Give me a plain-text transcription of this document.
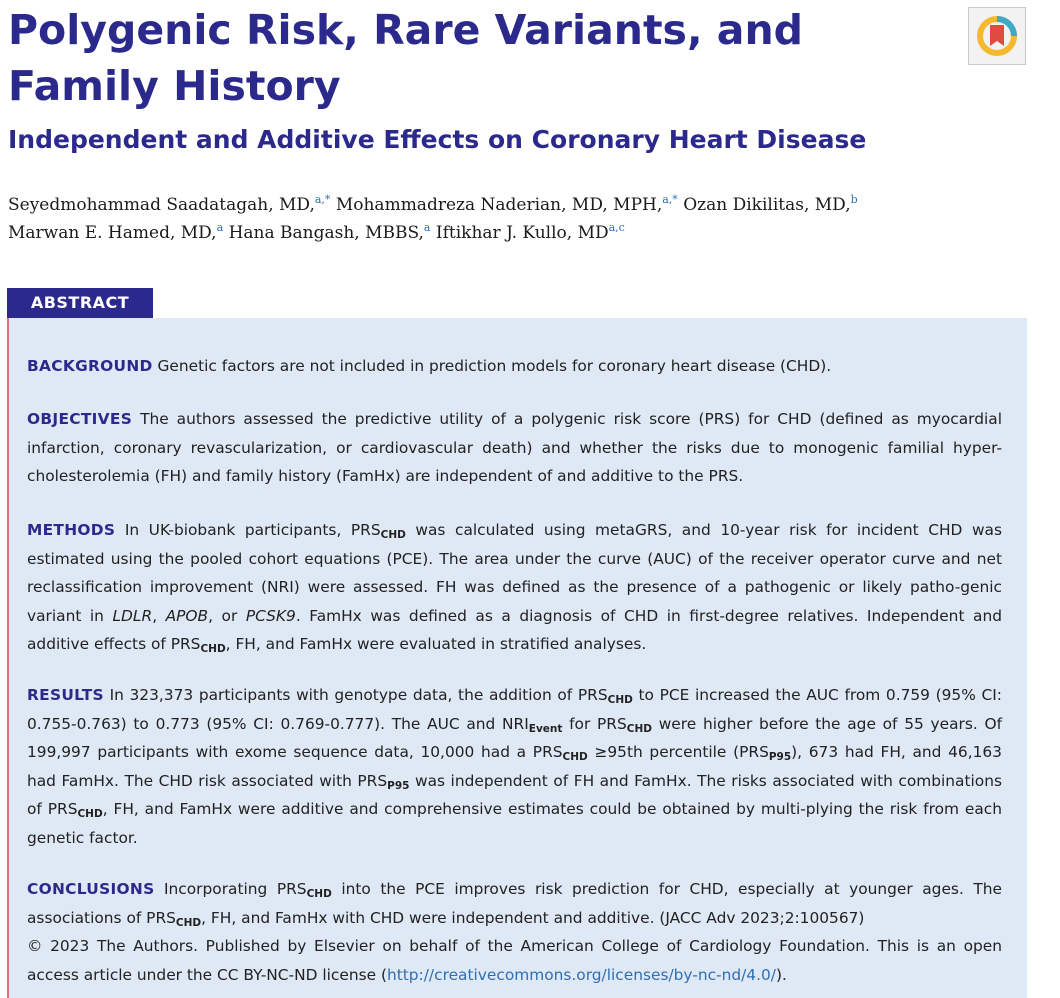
Polygenic Risk, Rare Variants, and Family History
Independent and Additive Effects on Coronary Heart Disease
Seyedmohammad Saadatagah, MD,$^{a,*}$ Mohammadreza Naderian, MD, MPH,$^{a,*}$ Ozan Dikilitas, MD,$^b$
Marwan E. Hamed, MD,$^a$ Hana Bangash, MBBS,$^a$ Iftikhar J. Kullo, MD$^{a,c}$
ABSTRACT

BACKGROUND Genetic factors are not included in prediction models for coronary heart disease (CHD).

OBJECTIVES The authors assessed the predictive utility of a polygenic risk score (PRS) for CHD (defined as myocardial infarction, coronary revascularization, or cardiovascular death) and whether the risks due to monogenic familial hyper-cholesterolemia (FH) and family history (FamHx) are independent of and additive to the PRS.

METHODS In UK-biobank participants, $PRS_{CHD}$ was calculated using metaGRS, and 10-year risk for incident CHD was estimated using the pooled cohort equations (PCE). The area under the curve (AUC) of the receiver operator curve and net reclassification improvement (NRI) were assessed. FH was defined as the presence of a pathogenic or likely patho-genic variant in LDLR, APOB, or PCSK9. FamHx was defined as a diagnosis of CHD in first-degree relatives. Independent and additive effects of $PRS_{CHD}$, FH, and FamHx were evaluated in stratified analyses.

RESULTS In 323,373 participants with genotype data, the addition of $PRS_{CHD}$ to PCE increased the AUC from 0.759 (95% CI: 0.755-0.763) to 0.773 (95% CI: 0.769-0.777). The AUC and $NRI_{Event}$ for $PRS_{CHD}$ were higher before the age of 55 years. Of 199,997 participants with exome sequence data, 10,000 had a $PRS_{CHD} \ge 95th$ percentile $(PRS_{P95})$, 673 had FH, and 46,163 had FamHx. The CHD risk associated with $PRS_{P95}$ was independent of FH and FamHx. The risks associated with combinations of $PRS_{CHD}$, FH, and FamHx were additive and comprehensive estimates could be obtained by multi-plying the risk from each genetic factor.

CONCLUSIONS Incorporating $PRS_{CHD}$ into the PCE improves risk prediction for CHD, especially at younger ages. The associations of $PRS_{CHD}$, FH, and FamHx with CHD were independent and additive. (JACC Adv 2023;2:100567)
© 2023 The Authors. Published by Elsevier on behalf of the American College of Cardiology Foundation. This is an open access article under the CC BY-NC-ND license (http://creativecommons.org/licenses/by-nc-nd/4.0/).
